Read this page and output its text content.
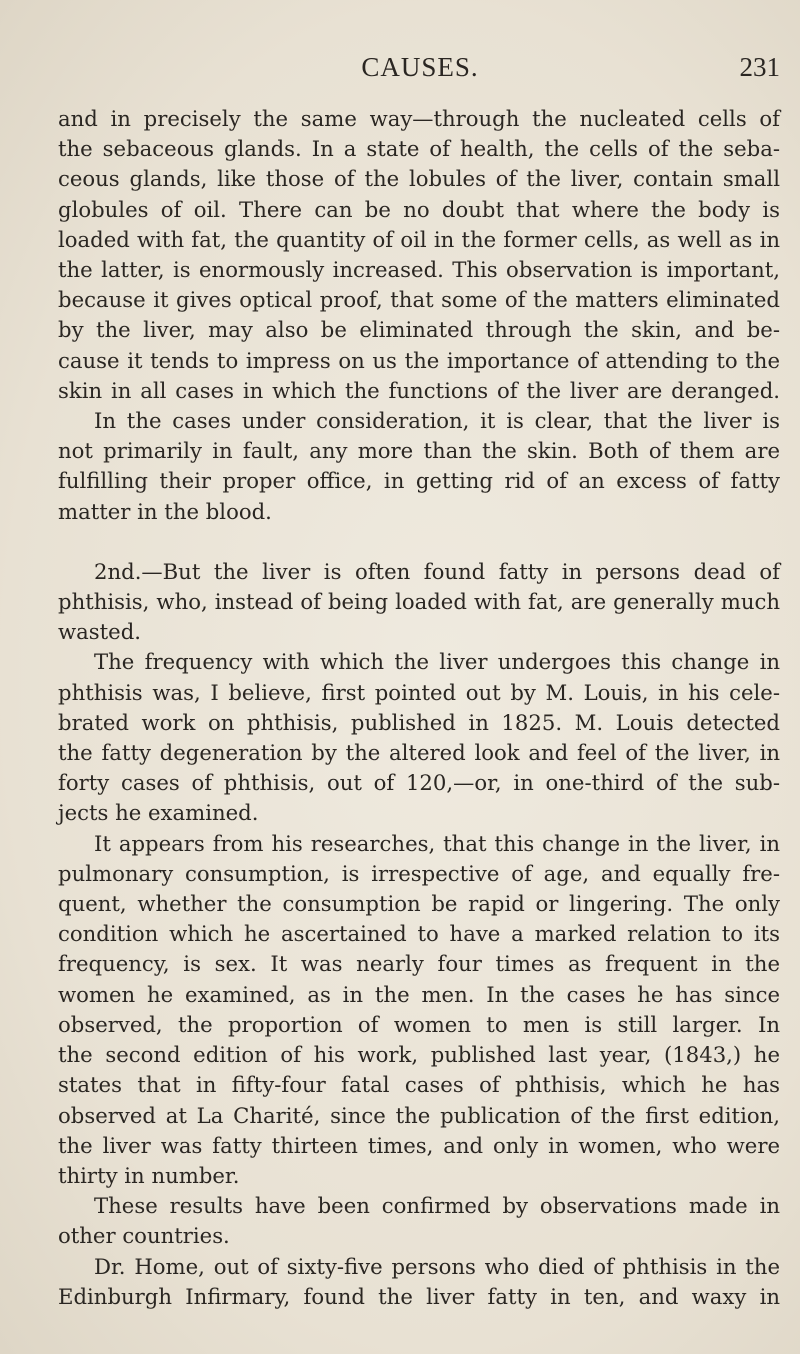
CAUSES.	231
and in precisely the same way—through the nucleated cells of
the sebaceous glands. In a state of health, the cells of the seba-
ceous glands, like those of the lobules of the liver, contain small
globules of oil. There can be no doubt that where the body is
loaded with fat, the quantity of oil in the former cells, as well as in
the latter, is enormously increased. This observation is important,
because it gives optical proof, that some of the matters eliminated
by the liver, may also be eliminated through the skin, and be-
cause it tends to impress on us the importance of attending to the
skin in all cases in which the functions of the liver are deranged.
In the cases under consideration, it is clear, that the liver is
not primarily in fault, any more than the skin. Both of them are
fulfilling their proper office, in getting rid of an excess of fatty
matter in the blood.
2nd.—But the liver is often found fatty in persons dead of
phthisis, who, instead of being loaded with fat, are generally much
wasted.
The frequency with which the liver undergoes this change in
phthisis was, I believe, first pointed out by M. Louis, in his cele-
brated work on phthisis, published in 1825. M. Louis detected
the fatty degeneration by the altered look and feel of the liver, in
forty cases of phthisis, out of 120,—or, in one-third of the sub-
jects he examined.
It appears from his researches, that this change in the liver, in
pulmonary consumption, is irrespective of age, and equally fre-
quent, whether the consumption be rapid or lingering. The only
condition which he ascertained to have a marked relation to its
frequency, is sex. It was nearly four times as frequent in the
women he examined, as in the men. In the cases he has since
observed, the proportion of women to men is still larger. In
the second edition of his work, published last year, (1843,) he
states that in fifty-four fatal cases of phthisis, which he has
observed at La Charité, since the publication of the first edition,
the liver was fatty thirteen times, and only in women, who were
thirty in number.
These results have been confirmed by observations made in
other countries.
Dr. Home, out of sixty-five persons who died of phthisis in the
Edinburgh Infirmary, found the liver fatty in ten, and waxy in
